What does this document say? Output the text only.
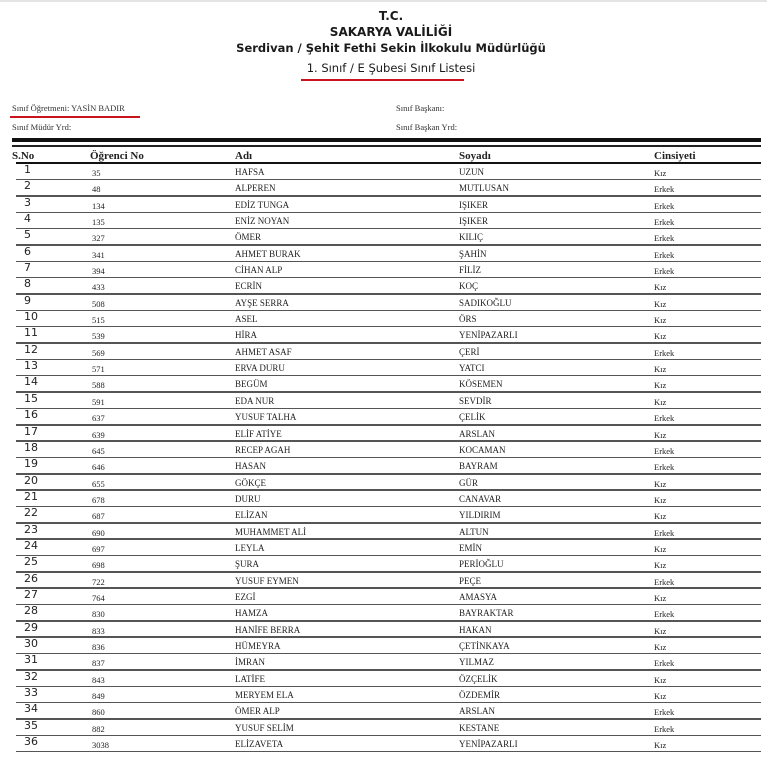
T.C.
SAKARYA VALİLİĞİ
Serdivan / Şehit Fethi Sekin İlkokulu Müdürlüğü
1. Sınıf / E Şubesi Sınıf Listesi
Sınıf Öğretmeni: YASİN BADIR
Sınıf Müdür Yrd:
Sınıf Başkanı:
Sınıf Başkan Yrd:
S.No	Öğrenci No	Adı	Soyadı	Cinsiyeti
1	35	HAFSA	UZUN	Kız
2	48	ALPEREN	MUTLUSAN	Erkek
3	134	EDİZ TUNGA	IŞIKER	Erkek
4	135	ENİZ NOYAN	IŞIKER	Erkek
5	327	ÖMER	KILIÇ	Erkek
6	341	AHMET BURAK	ŞAHİN	Erkek
7	394	CİHAN ALP	FİLİZ	Erkek
8	433	ECRİN	KOÇ	Kız
9	508	AYŞE SERRA	SADIKOĞLU	Kız
10	515	ASEL	ÖRS	Kız
11	539	HİRA	YENİPAZARLI	Kız
12	569	AHMET ASAF	ÇERİ	Erkek
13	571	ERVA DURU	YATCI	Kız
14	588	BEGÜM	KÖSEMEN	Kız
15	591	EDA NUR	SEVDİR	Kız
16	637	YUSUF TALHA	ÇELİK	Erkek
17	639	ELİF ATİYE	ARSLAN	Kız
18	645	RECEP AGAH	KOCAMAN	Erkek
19	646	HASAN	BAYRAM	Erkek
20	655	GÖKÇE	GÜR	Kız
21	678	DURU	CANAVAR	Kız
22	687	ELİZAN	YILDIRIM	Kız
23	690	MUHAMMET ALİ	ALTUN	Erkek
24	697	LEYLA	EMİN	Kız
25	698	ŞURA	PERİOĞLU	Kız
26	722	YUSUF EYMEN	PEÇE	Erkek
27	764	EZGİ	AMASYA	Kız
28	830	HAMZA	BAYRAKTAR	Erkek
29	833	HANİFE BERRA	HAKAN	Kız
30	836	HÜMEYRA	ÇETİNKAYA	Kız
31	837	İMRAN	YILMAZ	Erkek
32	843	LATİFE	ÖZÇELİK	Kız
33	849	MERYEM ELA	ÖZDEMİR	Kız
34	860	ÖMER ALP	ARSLAN	Erkek
35	882	YUSUF SELİM	KESTANE	Erkek
36	3038	ELİZAVETA	YENİPAZARLI	Kız
